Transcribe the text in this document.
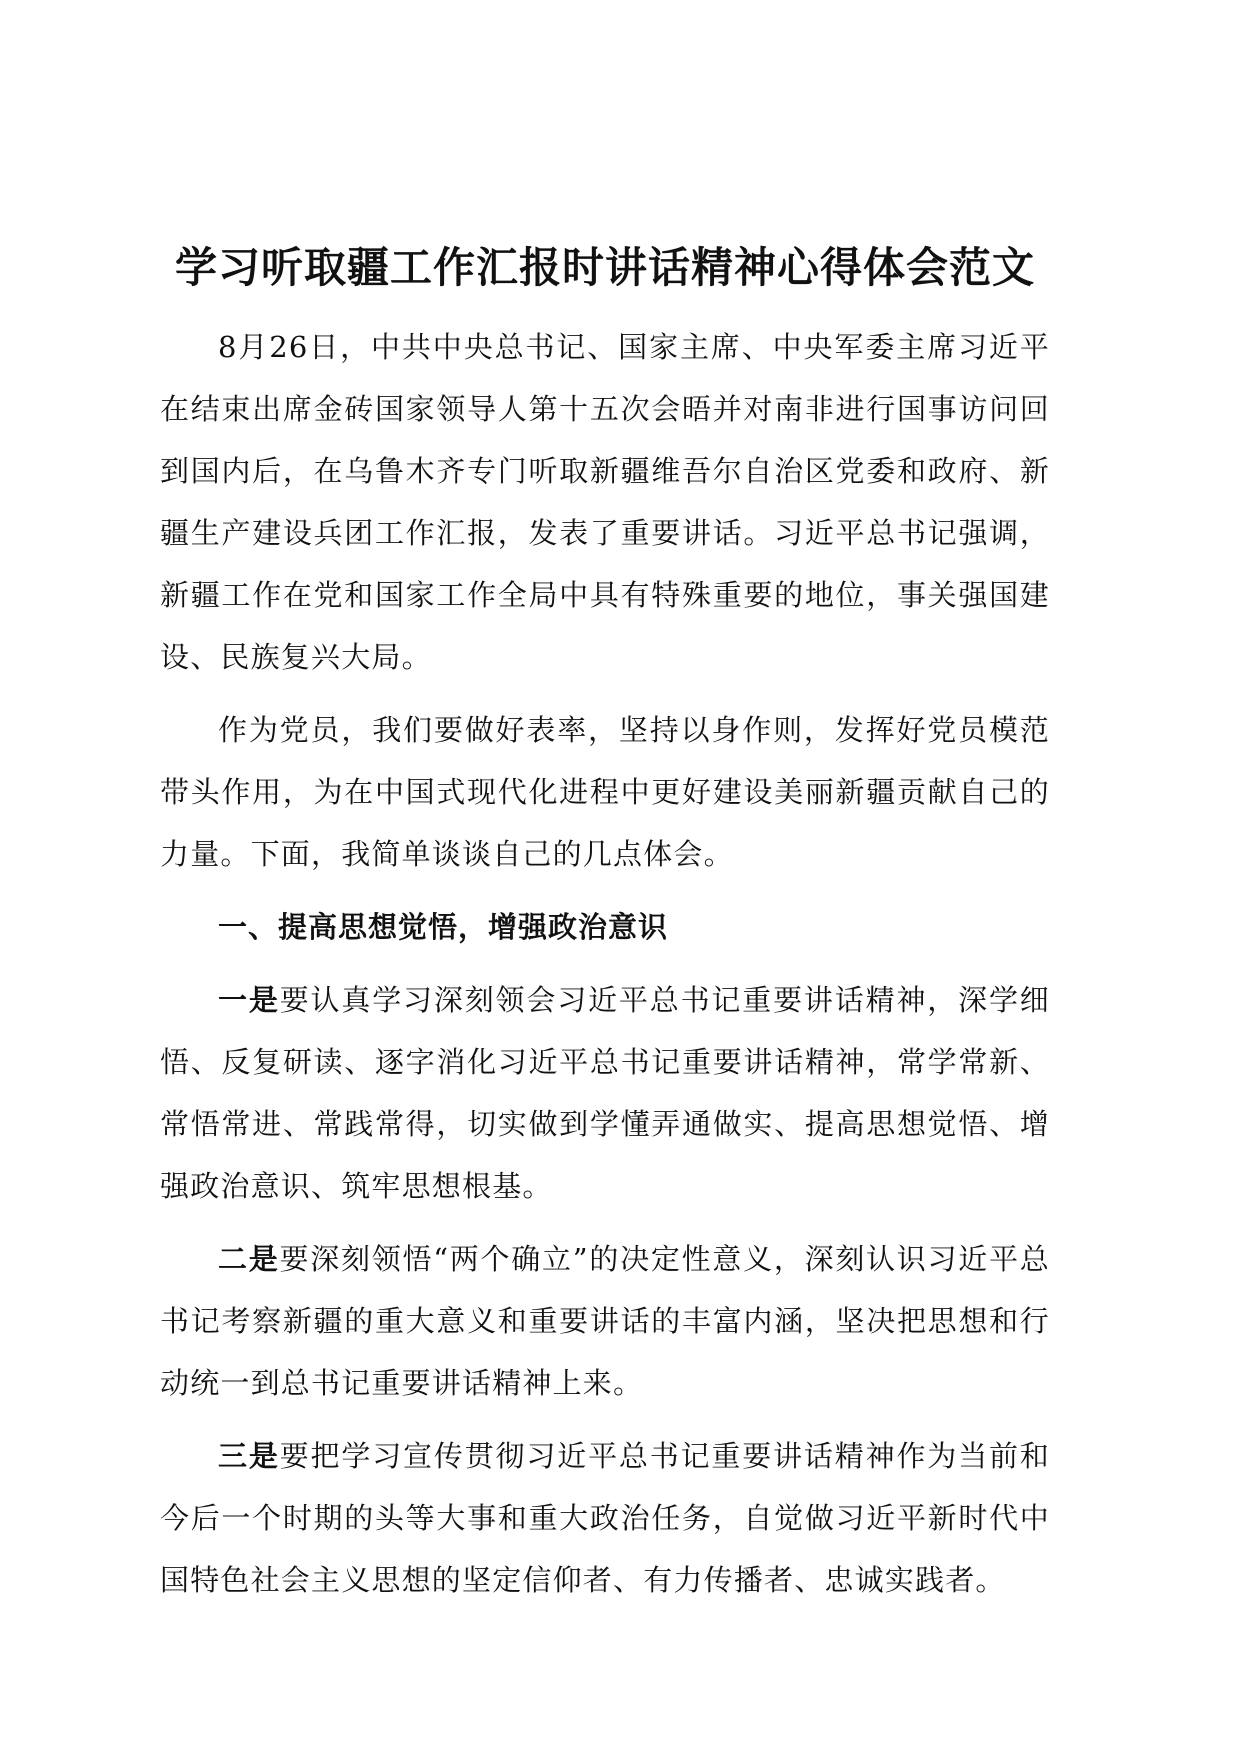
学习听取疆工作汇报时讲话精神心得体会范文

8月26日，中共中央总书记、国家主席、中央军委主席习近平在结束出席金砖国家领导人第十五次会晤并对南非进行国事访问回到国内后，在乌鲁木齐专门听取新疆维吾尔自治区党委和政府、新疆生产建设兵团工作汇报，发表了重要讲话。习近平总书记强调，新疆工作在党和国家工作全局中具有特殊重要的地位，事关强国建设、民族复兴大局。

作为党员，我们要做好表率，坚持以身作则，发挥好党员模范带头作用，为在中国式现代化进程中更好建设美丽新疆贡献自己的力量。下面，我简单谈谈自己的几点体会。

一、提高思想觉悟，增强政治意识

一是要认真学习深刻领会习近平总书记重要讲话精神，深学细悟、反复研读、逐字消化习近平总书记重要讲话精神，常学常新、常悟常进、常践常得，切实做到学懂弄通做实、提高思想觉悟、增强政治意识、筑牢思想根基。

二是要深刻领悟“两个确立”的决定性意义，深刻认识习近平总书记考察新疆的重大意义和重要讲话的丰富内涵，坚决把思想和行动统一到总书记重要讲话精神上来。

三是要把学习宣传贯彻习近平总书记重要讲话精神作为当前和今后一个时期的头等大事和重大政治任务，自觉做习近平新时代中国特色社会主义思想的坚定信仰者、有力传播者、忠诚实践者。
